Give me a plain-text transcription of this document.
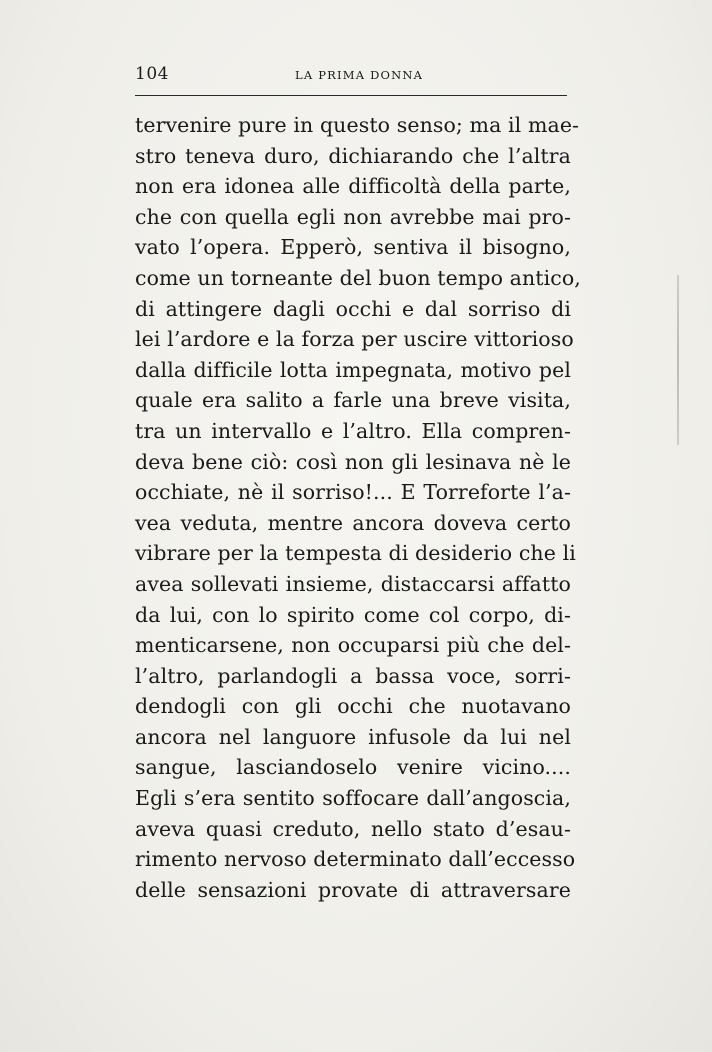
104	LA PRIMA DONNA
tervenire pure in questo senso; ma il mae-
stro teneva duro, dichiarando che l’altra
non era idonea alle difficoltà della parte,
che con quella egli non avrebbe mai pro-
vato l’opera. Epperò, sentiva il bisogno,
come un torneante del buon tempo antico,
di attingere dagli occhi e dal sorriso di
lei l’ardore e la forza per uscire vittorioso
dalla difficile lotta impegnata, motivo pel
quale era salito a farle una breve visita,
tra un intervallo e l’altro. Ella compren-
deva bene ciò: così non gli lesinava nè le
occhiate, nè il sorriso!... E Torreforte l’a-
vea veduta, mentre ancora doveva certo
vibrare per la tempesta di desiderio che li
avea sollevati insieme, distaccarsi affatto
da lui, con lo spirito come col corpo, di-
menticarsene, non occuparsi più che del-
l’altro, parlandogli a bassa voce, sorri-
dendogli con gli occhi che nuotavano
ancora nel languore infusole da lui nel
sangue, lasciandoselo venire vicino....
Egli s’era sentito soffocare dall’angoscia,
aveva quasi creduto, nello stato d’esau-
rimento nervoso determinato dall’eccesso
delle sensazioni provate di attraversare
